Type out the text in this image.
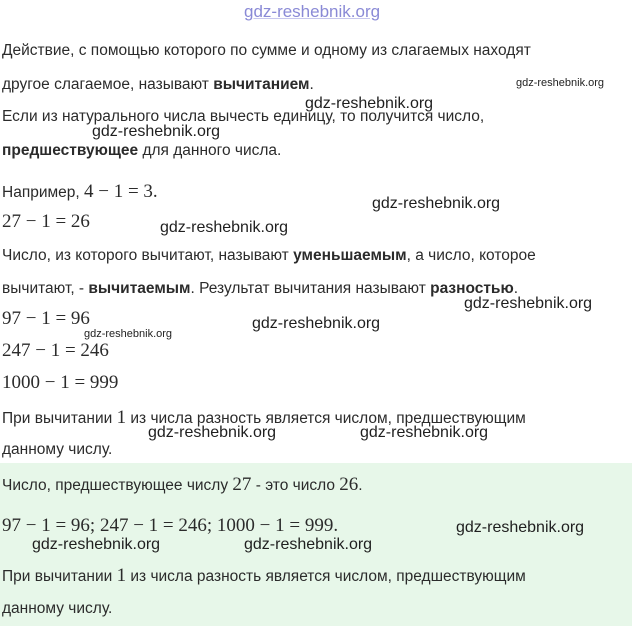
gdz-reshebnik.org
Действие, с помощью которого по сумме и одному из слагаемых находят
другое слагаемое, называют вычитанием.	gdz-reshebnik.org
gdz-reshebnik.org
Если из натурального числа вычесть единицу, то получится число,
gdz-reshebnik.org
предшествующее для данного числа.
Например, 4 − 1 = 3.
gdz-reshebnik.org
27 − 1 = 26	gdz-reshebnik.org
Число, из которого вычитают, называют уменьшаемым, а число, которое
вычитают, - вычитаемым. Результат вычитания называют разностью.
gdz-reshebnik.org
97 − 1 = 96	gdz-reshebnik.org
gdz-reshebnik.org
247 − 1 = 246
1000 − 1 = 999
При вычитании 1 из числа разность является числом, предшествующим
gdz-reshebnik.org	gdz-reshebnik.org
данному числу.
Число, предшествующее числу 27 - это число 26.
97 − 1 = 96; 247 − 1 = 246; 1000 − 1 = 999.	gdz-reshebnik.org
gdz-reshebnik.org	gdz-reshebnik.org
При вычитании 1 из числа разность является числом, предшествующим
данному числу.
